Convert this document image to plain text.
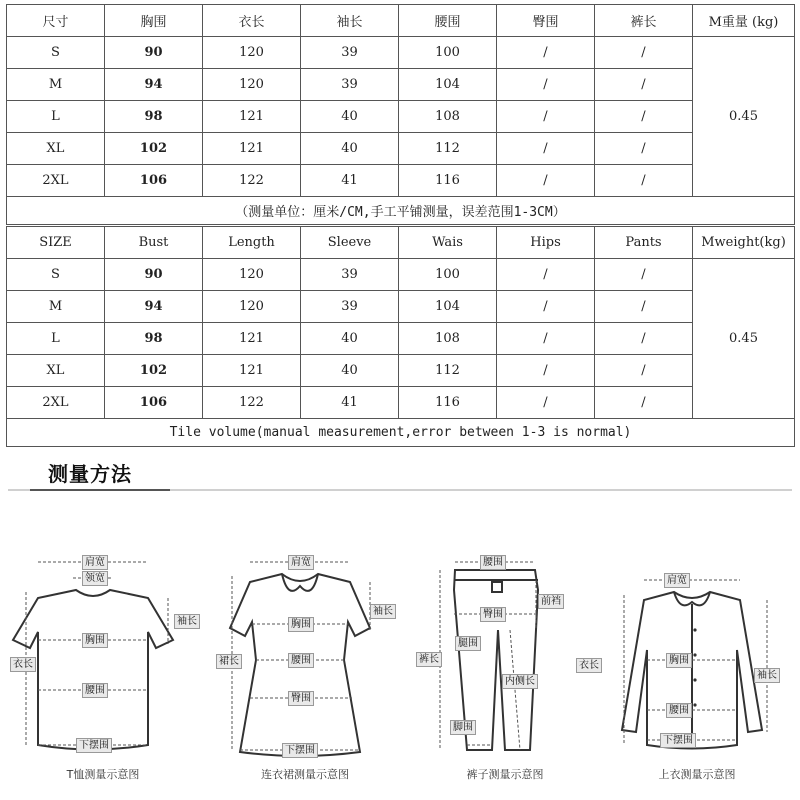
尺寸	胸围	衣长	袖长	腰围	臀围	裤长	M重量 (kg)
S	90	120	39	100	/	/	0.45
M	94	120	39	104	/	/	
L	98	121	40	108	/	/	
XL	102	121	40	112	/	/	
2XL	106	122	41	116	/	/	
（测量单位：厘米/CM,手工平铺测量，误差范围1-3CM）							
SIZE	Bust	Length	Sleeve	Wais	Hips	Pants	Mweight(kg)
S	90	120	39	100	/	/	0.45
M	94	120	39	104	/	/	
L	98	121	40	108	/	/	
XL	102	121	40	112	/	/	
2XL	106	122	41	116	/	/	
Tile volume(manual measurement,error between 1-3 is normal)							
测量方法
肩宽
领宽
袖长
衣长
胸围
腰围
下摆围
T恤测量示意图
肩宽
袖长
胸围
裙长	腰围
臀围
下摆围
连衣裙测量示意图
腰围
前裆
臀围
腿围
裤长
内侧长
脚围
裤子测量示意图
肩宽
衣长
袖长
胸围
腰围
下摆围
上衣测量示意图
